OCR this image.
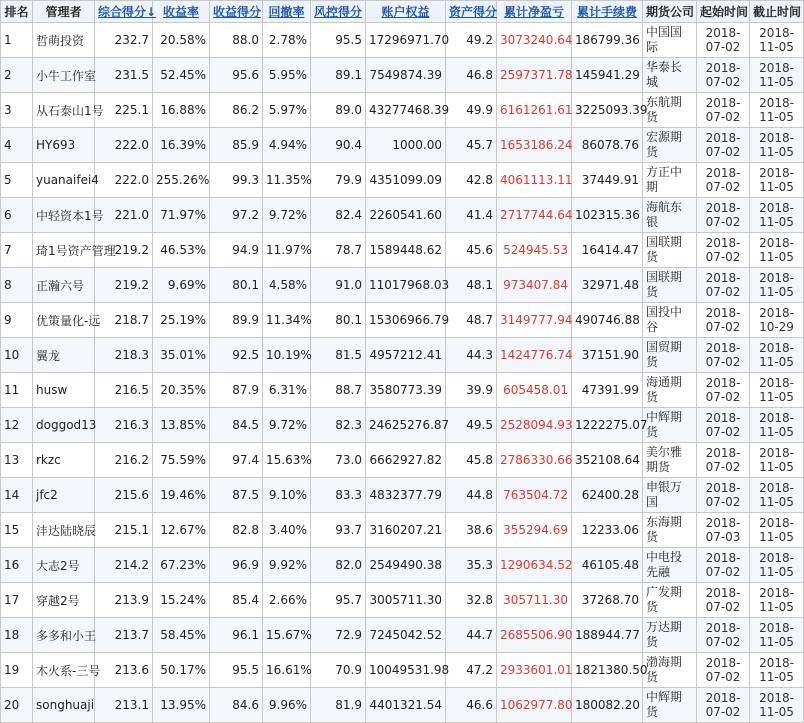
排名	管理者	综合得分↓	收益率	收益得分	回撤率	风控得分	账户权益	资产得分	累计净盈亏	累计手续费	期货公司	起始时间	截止时间
1	哲萌投资	232.7	20.58%	88.0	2.78%	95.5	17296971.70	49.2	3073240.64	186799.36	中国国际	2018-07-02	2018-11-05
2	小牛工作室	231.5	52.45%	95.6	5.95%	89.1	7549874.39	46.8	2597371.78	145941.29	华泰长城	2018-07-02	2018-11-05
3	从石泰山1号	225.1	16.88%	86.2	5.97%	89.0	43277468.39	49.9	6161261.61	3225093.39	东航期货	2018-07-02	2018-11-05
4	HY693	222.0	16.39%	85.9	4.94%	90.4	1000.00	45.7	1653186.24	86078.76	宏源期货	2018-07-02	2018-11-05
5	yuanaifei4	222.0	255.26%	99.3	11.35%	79.9	4351099.09	42.8	4061113.11	37449.91	方正中期	2018-07-02	2018-11-05
6	中轻资本1号	221.0	71.97%	97.2	9.72%	82.4	2260541.60	41.4	2717744.64	102315.36	海航东银	2018-07-02	2018-11-05
7	琦1号资产管理	219.2	46.53%	94.9	11.97%	78.7	1589448.62	45.6	524945.53	16414.47	国联期货	2018-07-02	2018-11-05
8	正瀚六号	219.2	9.69%	80.1	4.58%	91.0	11017968.03	48.1	973407.84	32971.48	国联期货	2018-07-02	2018-11-05
9	优策量化-远	218.7	25.19%	89.9	11.34%	80.1	15306966.79	48.7	3149777.94	490746.88	国投中谷	2018-07-02	2018-10-29
10	翼龙	218.3	35.01%	92.5	10.19%	81.5	4957212.41	44.3	1424776.74	37151.90	国贸期货	2018-07-02	2018-11-05
11	husw	216.5	20.35%	87.9	6.31%	88.7	3580773.39	39.9	605458.01	47391.99	海通期货	2018-07-02	2018-11-05
12	doggod13	216.3	13.85%	84.5	9.72%	82.3	24625276.87	49.5	2528094.93	1222275.07	中辉期货	2018-07-02	2018-11-05
13	rkzc	216.2	75.59%	97.4	15.63%	73.0	6662927.82	45.8	2786330.66	352108.64	美尔雅期货	2018-07-02	2018-11-05
14	jfc2	215.6	19.46%	87.5	9.10%	83.3	4832377.79	44.8	763504.72	62400.28	申银万国	2018-07-02	2018-11-05
15	沣达陆晓辰	215.1	12.67%	82.8	3.40%	93.7	3160207.21	38.6	355294.69	12233.06	东海期货	2018-07-03	2018-11-05
16	大志2号	214.2	67.23%	96.9	9.92%	82.0	2549490.38	35.3	1290634.52	46105.48	中电投先融	2018-07-02	2018-11-05
17	穿越2号	213.9	15.24%	85.4	2.66%	95.7	3005711.30	32.8	305711.30	37268.70	广发期货	2018-07-02	2018-11-05
18	多多和小王	213.7	58.45%	96.1	15.67%	72.9	7245042.52	44.7	2685506.90	188944.77	万达期货	2018-07-02	2018-11-05
19	木火系-三号	213.6	50.17%	95.5	16.61%	70.9	10049531.98	47.2	2933601.01	1821380.50	渤海期货	2018-07-02	2018-11-05
20	songhuaji	213.1	13.95%	84.6	9.96%	81.9	4401321.54	46.6	1062977.80	180082.20	中辉期货	2018-07-02	2018-11-05
